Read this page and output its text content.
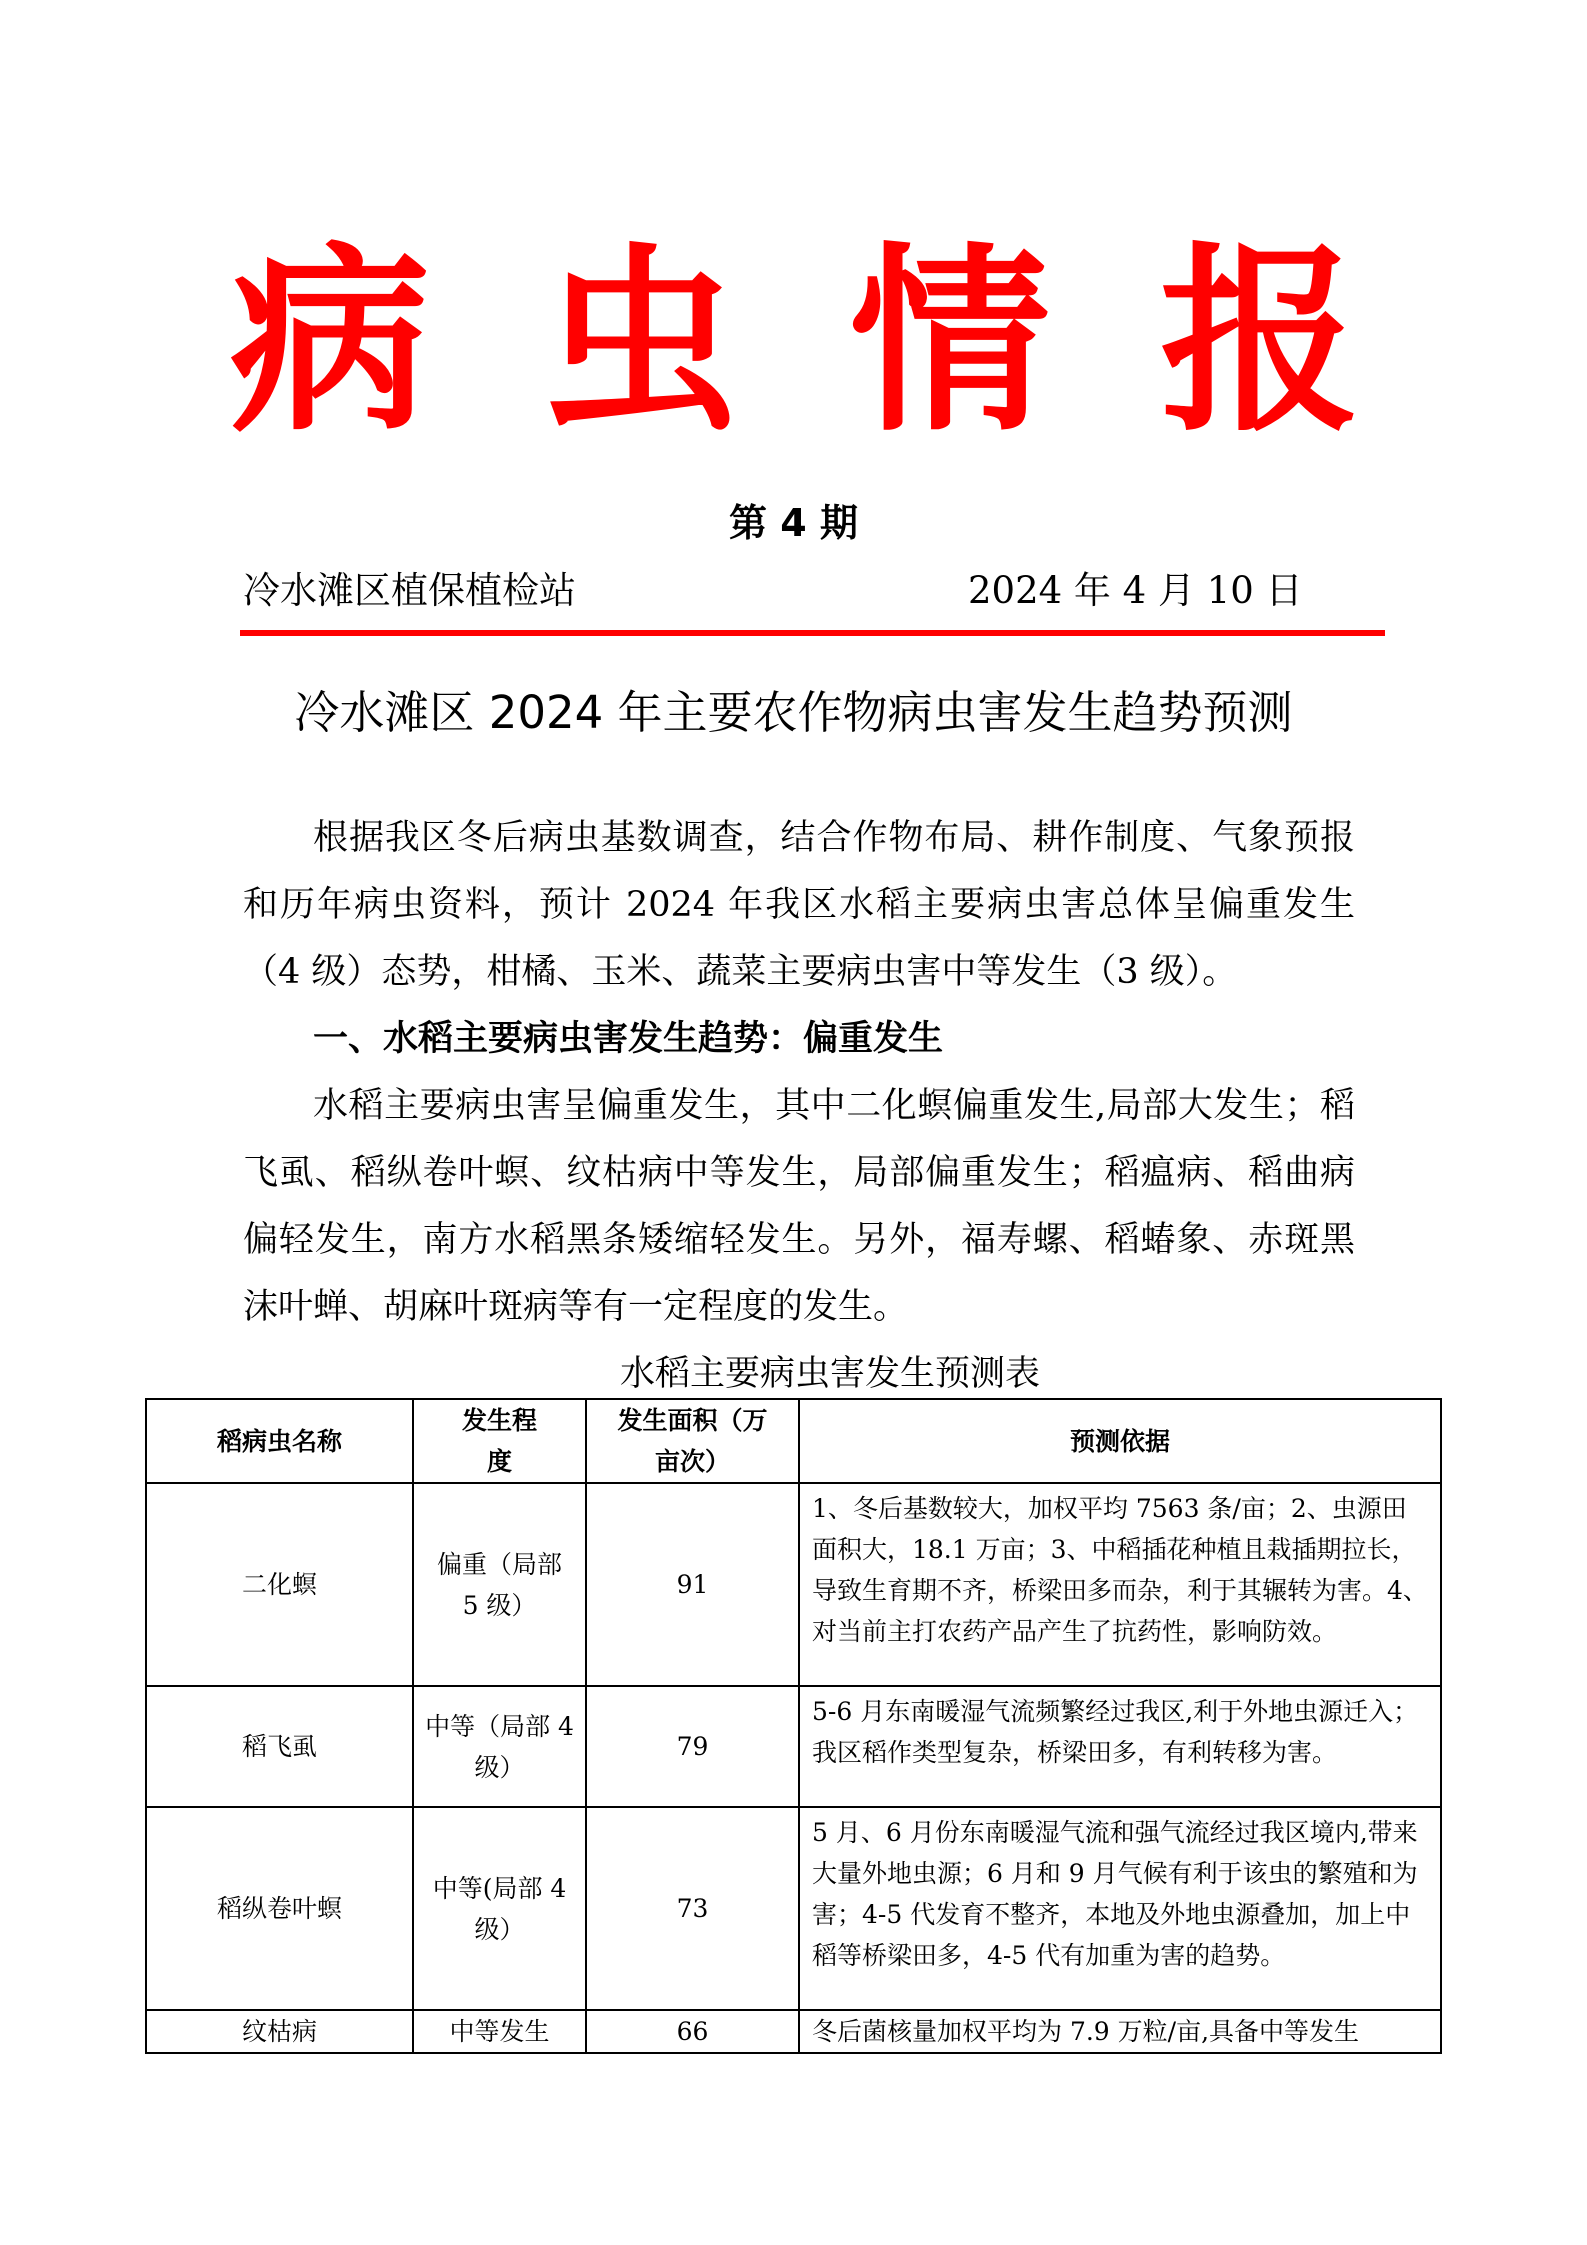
病 虫 情 报
第 4 期
冷水滩区植保植检站	2024 年 4 月 10 日
冷水滩区 2024 年主要农作物病虫害发生趋势预测
根据我区冬后病虫基数调查，结合作物布局、耕作制度、气象预报和历年病虫资料，预计 2024 年我区水稻主要病虫害总体呈偏重发生（4 级）态势，柑橘、玉米、蔬菜主要病虫害中等发生（3 级）。
一、水稻主要病虫害发生趋势：偏重发生
水稻主要病虫害呈偏重发生，其中二化螟偏重发生,局部大发生；稻飞虱、稻纵卷叶螟、纹枯病中等发生，局部偏重发生；稻瘟病、稻曲病偏轻发生，南方水稻黑条矮缩轻发生。另外，福寿螺、稻蝽象、赤斑黑沫叶蝉、胡麻叶斑病等有一定程度的发生。
水稻主要病虫害发生预测表
稻病虫名称	发生程度	发生面积（万亩次）	预测依据
二化螟	偏重（局部 5 级）	91	1、冬后基数较大，加权平均 7563 条/亩；2、虫源田面积大，18.1 万亩；3、中稻插花种植且栽插期拉长，导致生育期不齐，桥梁田多而杂，利于其辗转为害。4、对当前主打农药产品产生了抗药性，影响防效。
稻飞虱	中等（局部 4 级）	79	5-6 月东南暖湿气流频繁经过我区,利于外地虫源迁入；我区稻作类型复杂，桥梁田多，有利转移为害。
稻纵卷叶螟	中等(局部 4 级）	73	5 月、6 月份东南暖湿气流和强气流经过我区境内,带来大量外地虫源；6 月和 9 月气候有利于该虫的繁殖和为害；4-5 代发育不整齐，本地及外地虫源叠加，加上中稻等桥梁田多，4-5 代有加重为害的趋势。
纹枯病	中等发生	66	冬后菌核量加权平均为 7.9 万粒/亩,具备中等发生
